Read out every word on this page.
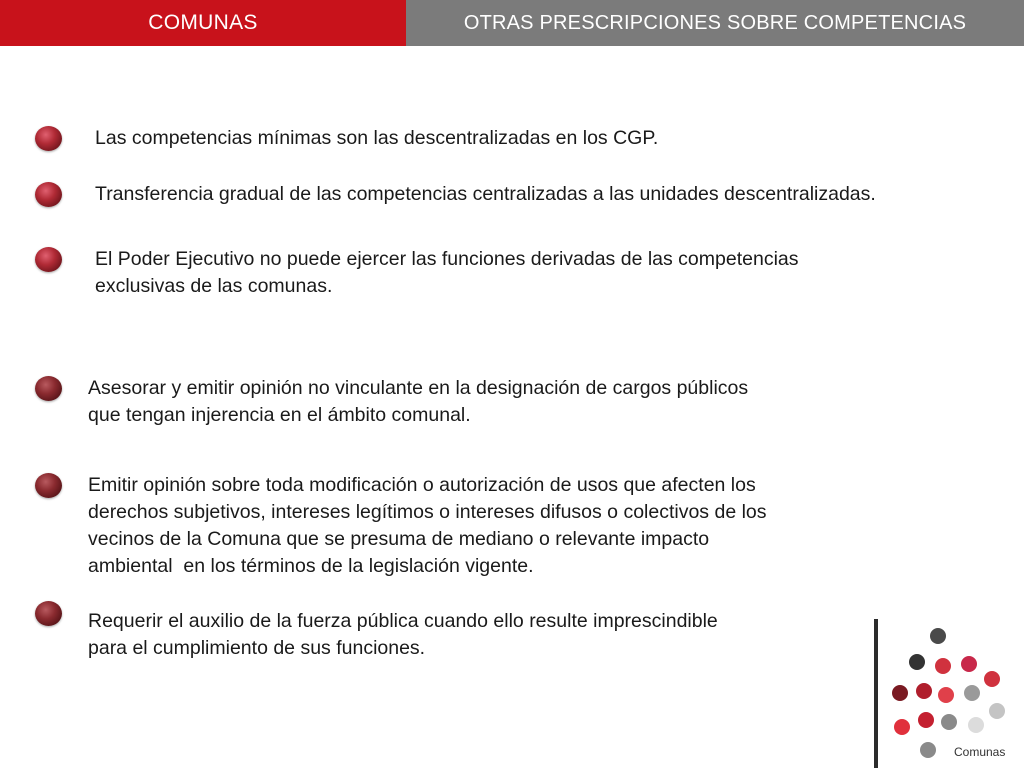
COMUNAS	OTRAS PRESCRIPCIONES SOBRE COMPETENCIAS
Las competencias mínimas son las descentralizadas en los CGP.
Transferencia gradual de las competencias centralizadas a las unidades descentralizadas.
El Poder Ejecutivo no puede ejercer las funciones derivadas de las competencias
exclusivas de las comunas.
Asesorar y emitir opinión no vinculante en la designación de cargos públicos
que tengan injerencia en el ámbito comunal.
Emitir opinión sobre toda modificación o autorización de usos que afecten los
derechos subjetivos, intereses legítimos o intereses difusos o colectivos de los
vecinos de la Comuna que se presuma de mediano o relevante impacto
ambiental  en los términos de la legislación vigente.
Requerir el auxilio de la fuerza pública cuando ello resulte imprescindible
para el cumplimiento de sus funciones.
Comunas
